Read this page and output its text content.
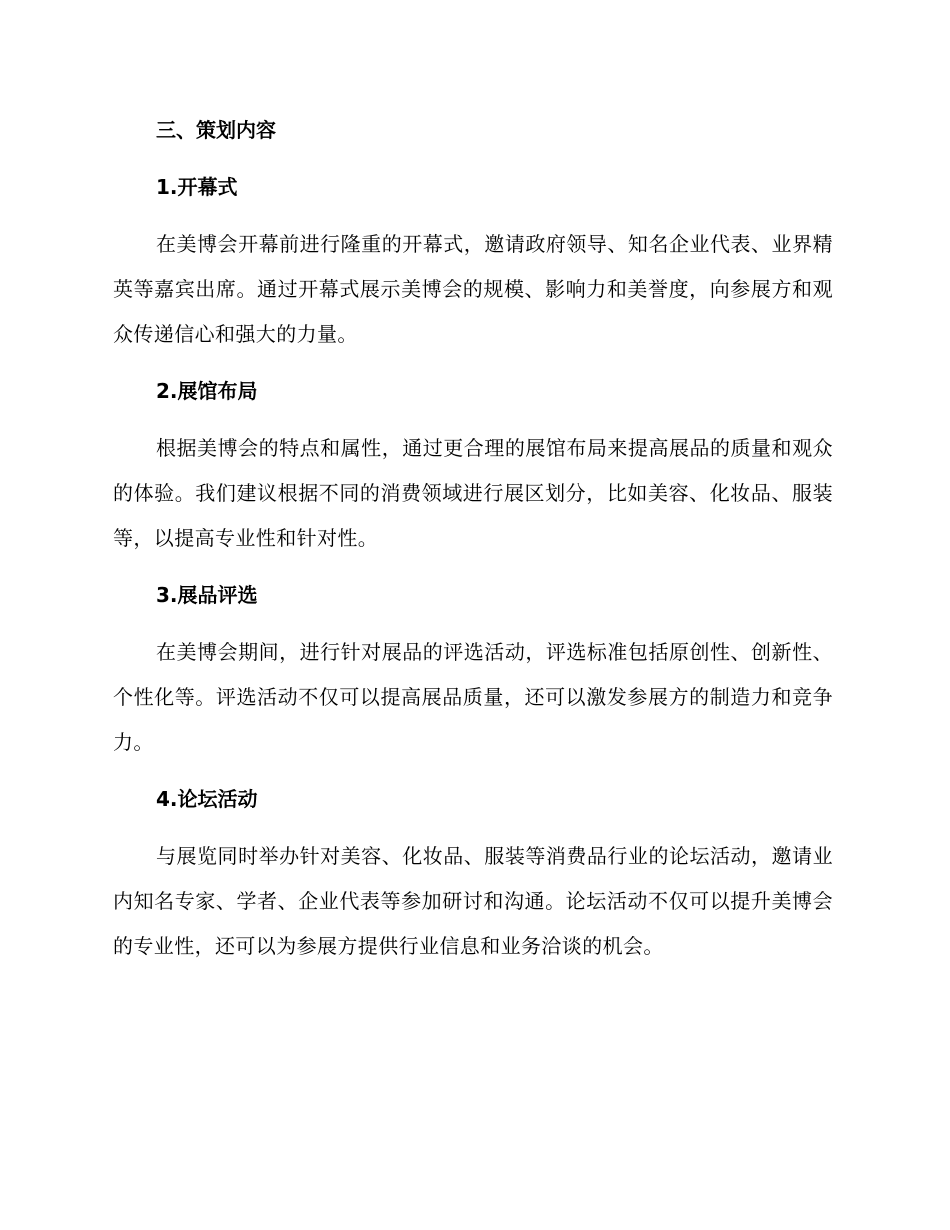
三、策划内容
1.开幕式

在美博会开幕前进行隆重的开幕式，邀请政府领导、知名企业代表、业界精英等嘉宾出席。通过开幕式展示美博会的规模、影响力和美誉度，向参展方和观众传递信心和强大的力量。

2.展馆布局

根据美博会的特点和属性，通过更合理的展馆布局来提高展品的质量和观众的体验。我们建议根据不同的消费领域进行展区划分，比如美容、化妆品、服装等，以提高专业性和针对性。

3.展品评选

在美博会期间，进行针对展品的评选活动，评选标准包括原创性、创新性、个性化等。评选活动不仅可以提高展品质量，还可以激发参展方的制造力和竞争力。

4.论坛活动

与展览同时举办针对美容、化妆品、服装等消费品行业的论坛活动，邀请业内知名专家、学者、企业代表等参加研讨和沟通。论坛活动不仅可以提升美博会的专业性，还可以为参展方提供行业信息和业务洽谈的机会。
